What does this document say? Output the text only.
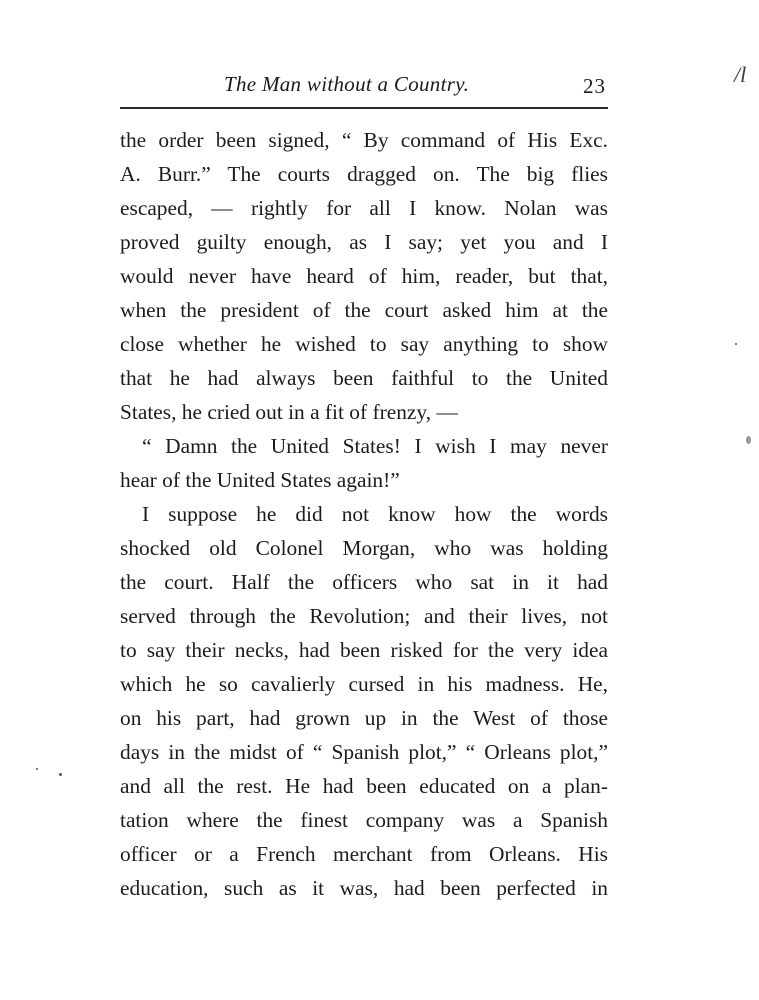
The Man without a Country.	23	/l
the order been signed, “ By command of His Exc.
A. Burr.” The courts dragged on. The big flies
escaped, — rightly for all I know. Nolan was
proved guilty enough, as I say; yet you and I
would never have heard of him, reader, but that,
when the president of the court asked him at the
close whether he wished to say anything to show
that he had always been faithful to the United
States, he cried out in a fit of frenzy, —
“ Damn the United States! I wish I may never
hear of the United States again!”
I suppose he did not know how the words
shocked old Colonel Morgan, who was holding
the court. Half the officers who sat in it had
served through the Revolution; and their lives, not
to say their necks, had been risked for the very idea
which he so cavalierly cursed in his madness. He,
on his part, had grown up in the West of those
days in the midst of “ Spanish plot,” “ Orleans plot,”
and all the rest. He had been educated on a plan-
tation where the finest company was a Spanish
officer or a French merchant from Orleans. His
education, such as it was, had been perfected in
